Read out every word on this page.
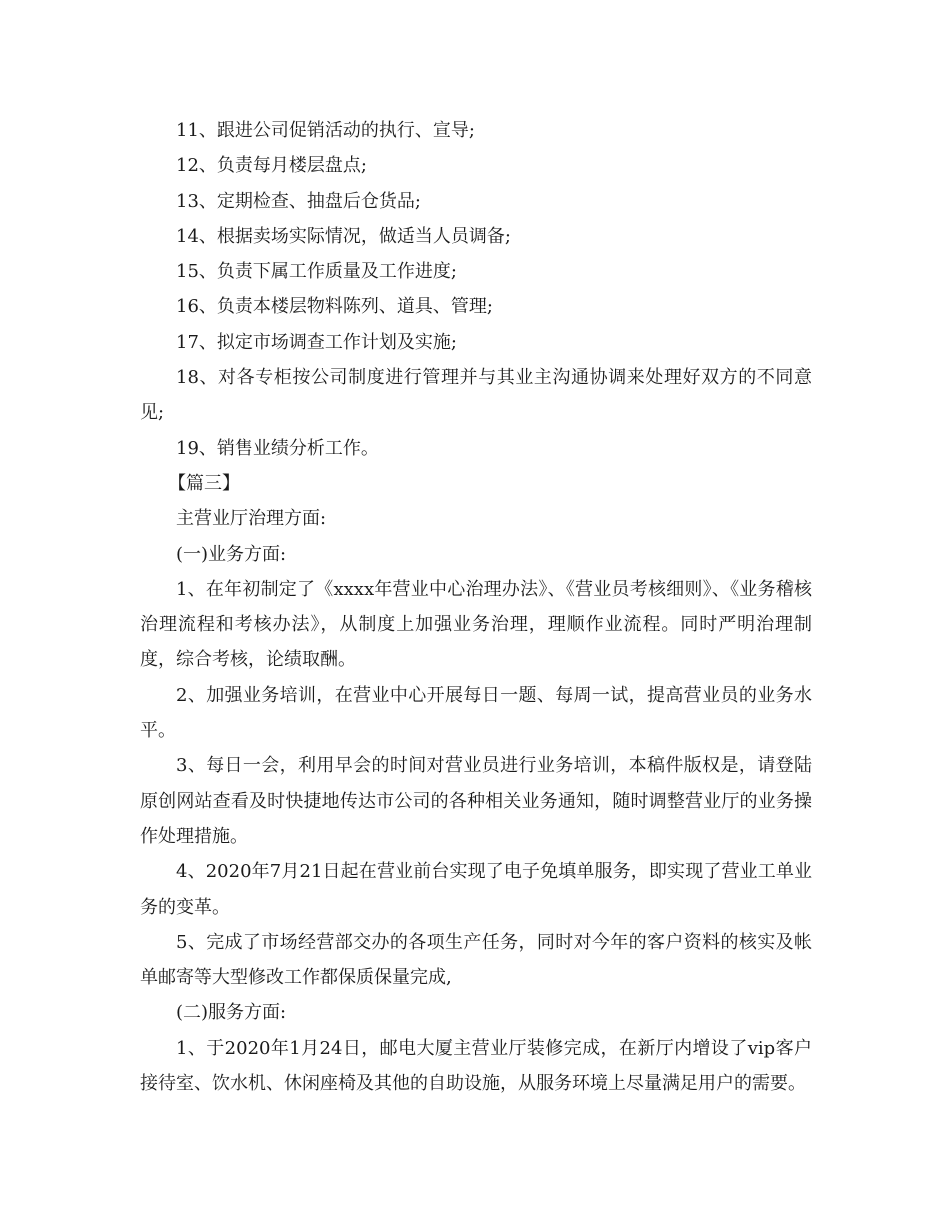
11、跟进公司促销活动的执行、宣导;

12、负责每月楼层盘点;

13、定期检查、抽盘后仓货品;

14、根据卖场实际情况，做适当人员调备;

15、负责下属工作质量及工作进度;

16、负责本楼层物料陈列、道具、管理;

17、拟定市场调查工作计划及实施;

18、对各专柜按公司制度进行管理并与其业主沟通协调来处理好双方的不同意见;

19、销售业绩分析工作。

【篇三】

主营业厅治理方面:

(一)业务方面:

1、在年初制定了《xxxx年营业中心治理办法》、《营业员考核细则》、《业务稽核治理流程和考核办法》，从制度上加强业务治理，理顺作业流程。同时严明治理制度，综合考核，论绩取酬。

2、加强业务培训，在营业中心开展每日一题、每周一试，提高营业员的业务水平。

3、每日一会，利用早会的时间对营业员进行业务培训，本稿件版权是，请登陆原创网站查看及时快捷地传达市公司的各种相关业务通知，随时调整营业厅的业务操作处理措施。

4、2020年7月21日起在营业前台实现了电子免填单服务，即实现了营业工单业务的变革。

5、完成了市场经营部交办的各项生产任务，同时对今年的客户资料的核实及帐单邮寄等大型修改工作都保质保量完成,

(二)服务方面:

1、于2020年1月24日，邮电大厦主营业厅装修完成，在新厅内增设了vip客户接待室、饮水机、休闲座椅及其他的自助设施，从服务环境上尽量满足用户的需要。
